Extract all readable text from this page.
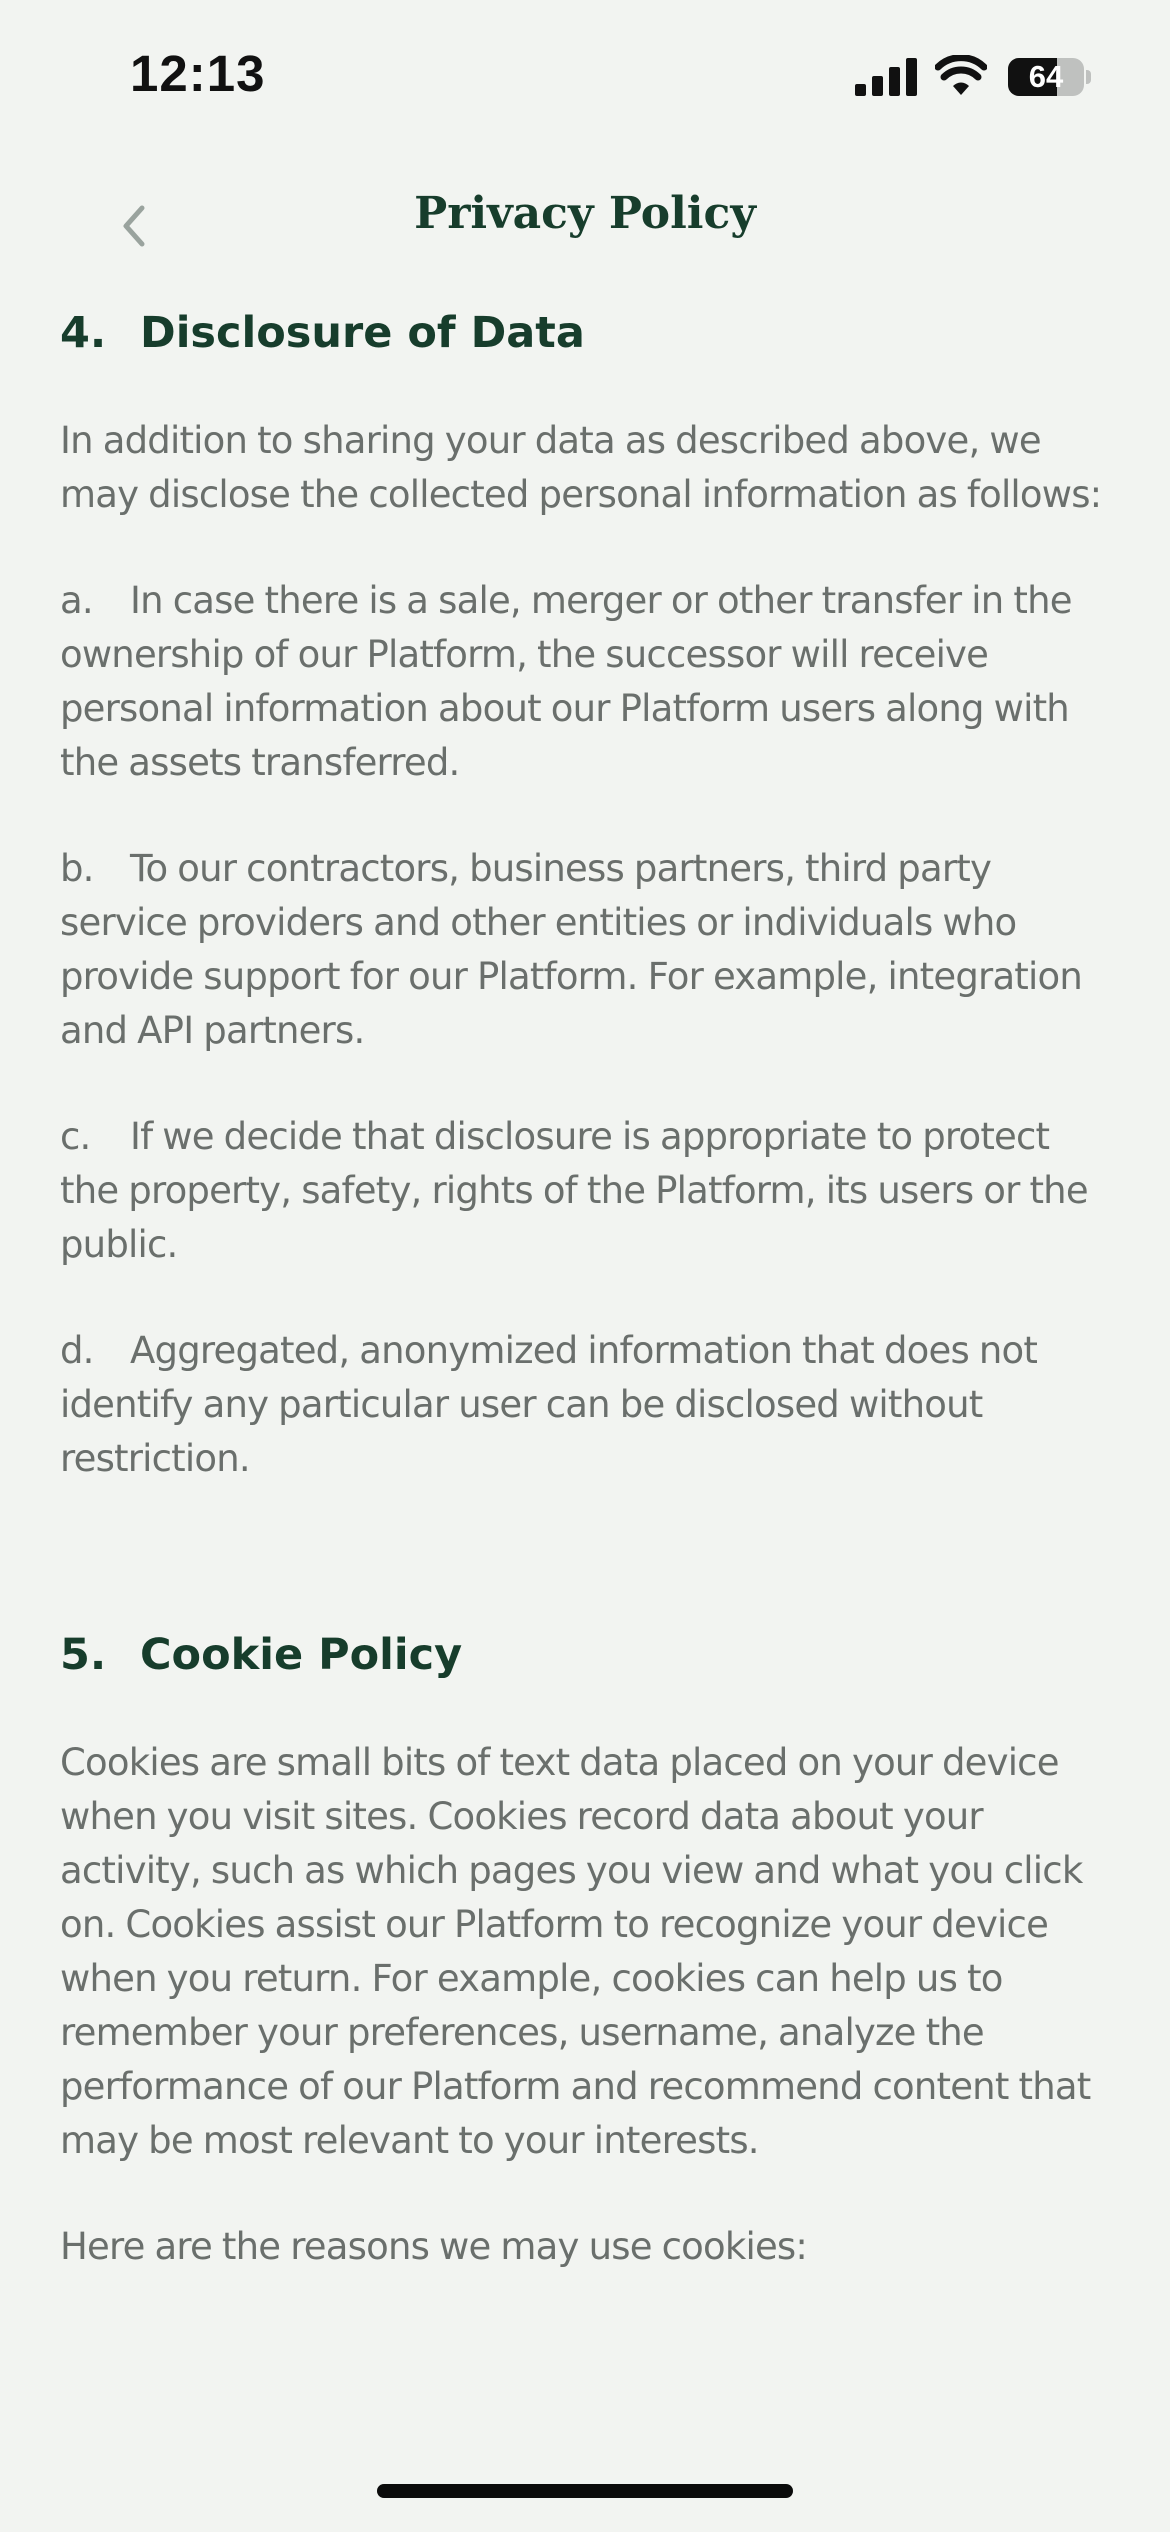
12:13	64
Privacy Policy
4. Disclosure of Data

In addition to sharing your data as described above, we may disclose the collected personal information as follows:

a. In case there is a sale, merger or other transfer in the ownership of our Platform, the successor will receive personal information about our Platform users along with the assets transferred.

b. To our contractors, business partners, third party service providers and other entities or individuals who provide support for our Platform. For example, integration and API partners.

c. If we decide that disclosure is appropriate to protect the property, safety, rights of the Platform, its users or the public.

d. Aggregated, anonymized information that does not identify any particular user can be disclosed without restriction.

5. Cookie Policy

Cookies are small bits of text data placed on your device when you visit sites. Cookies record data about your activity, such as which pages you view and what you click on. Cookies assist our Platform to recognize your device when you return. For example, cookies can help us to remember your preferences, username, analyze the performance of our Platform and recommend content that may be most relevant to your interests.

Here are the reasons we may use cookies:
